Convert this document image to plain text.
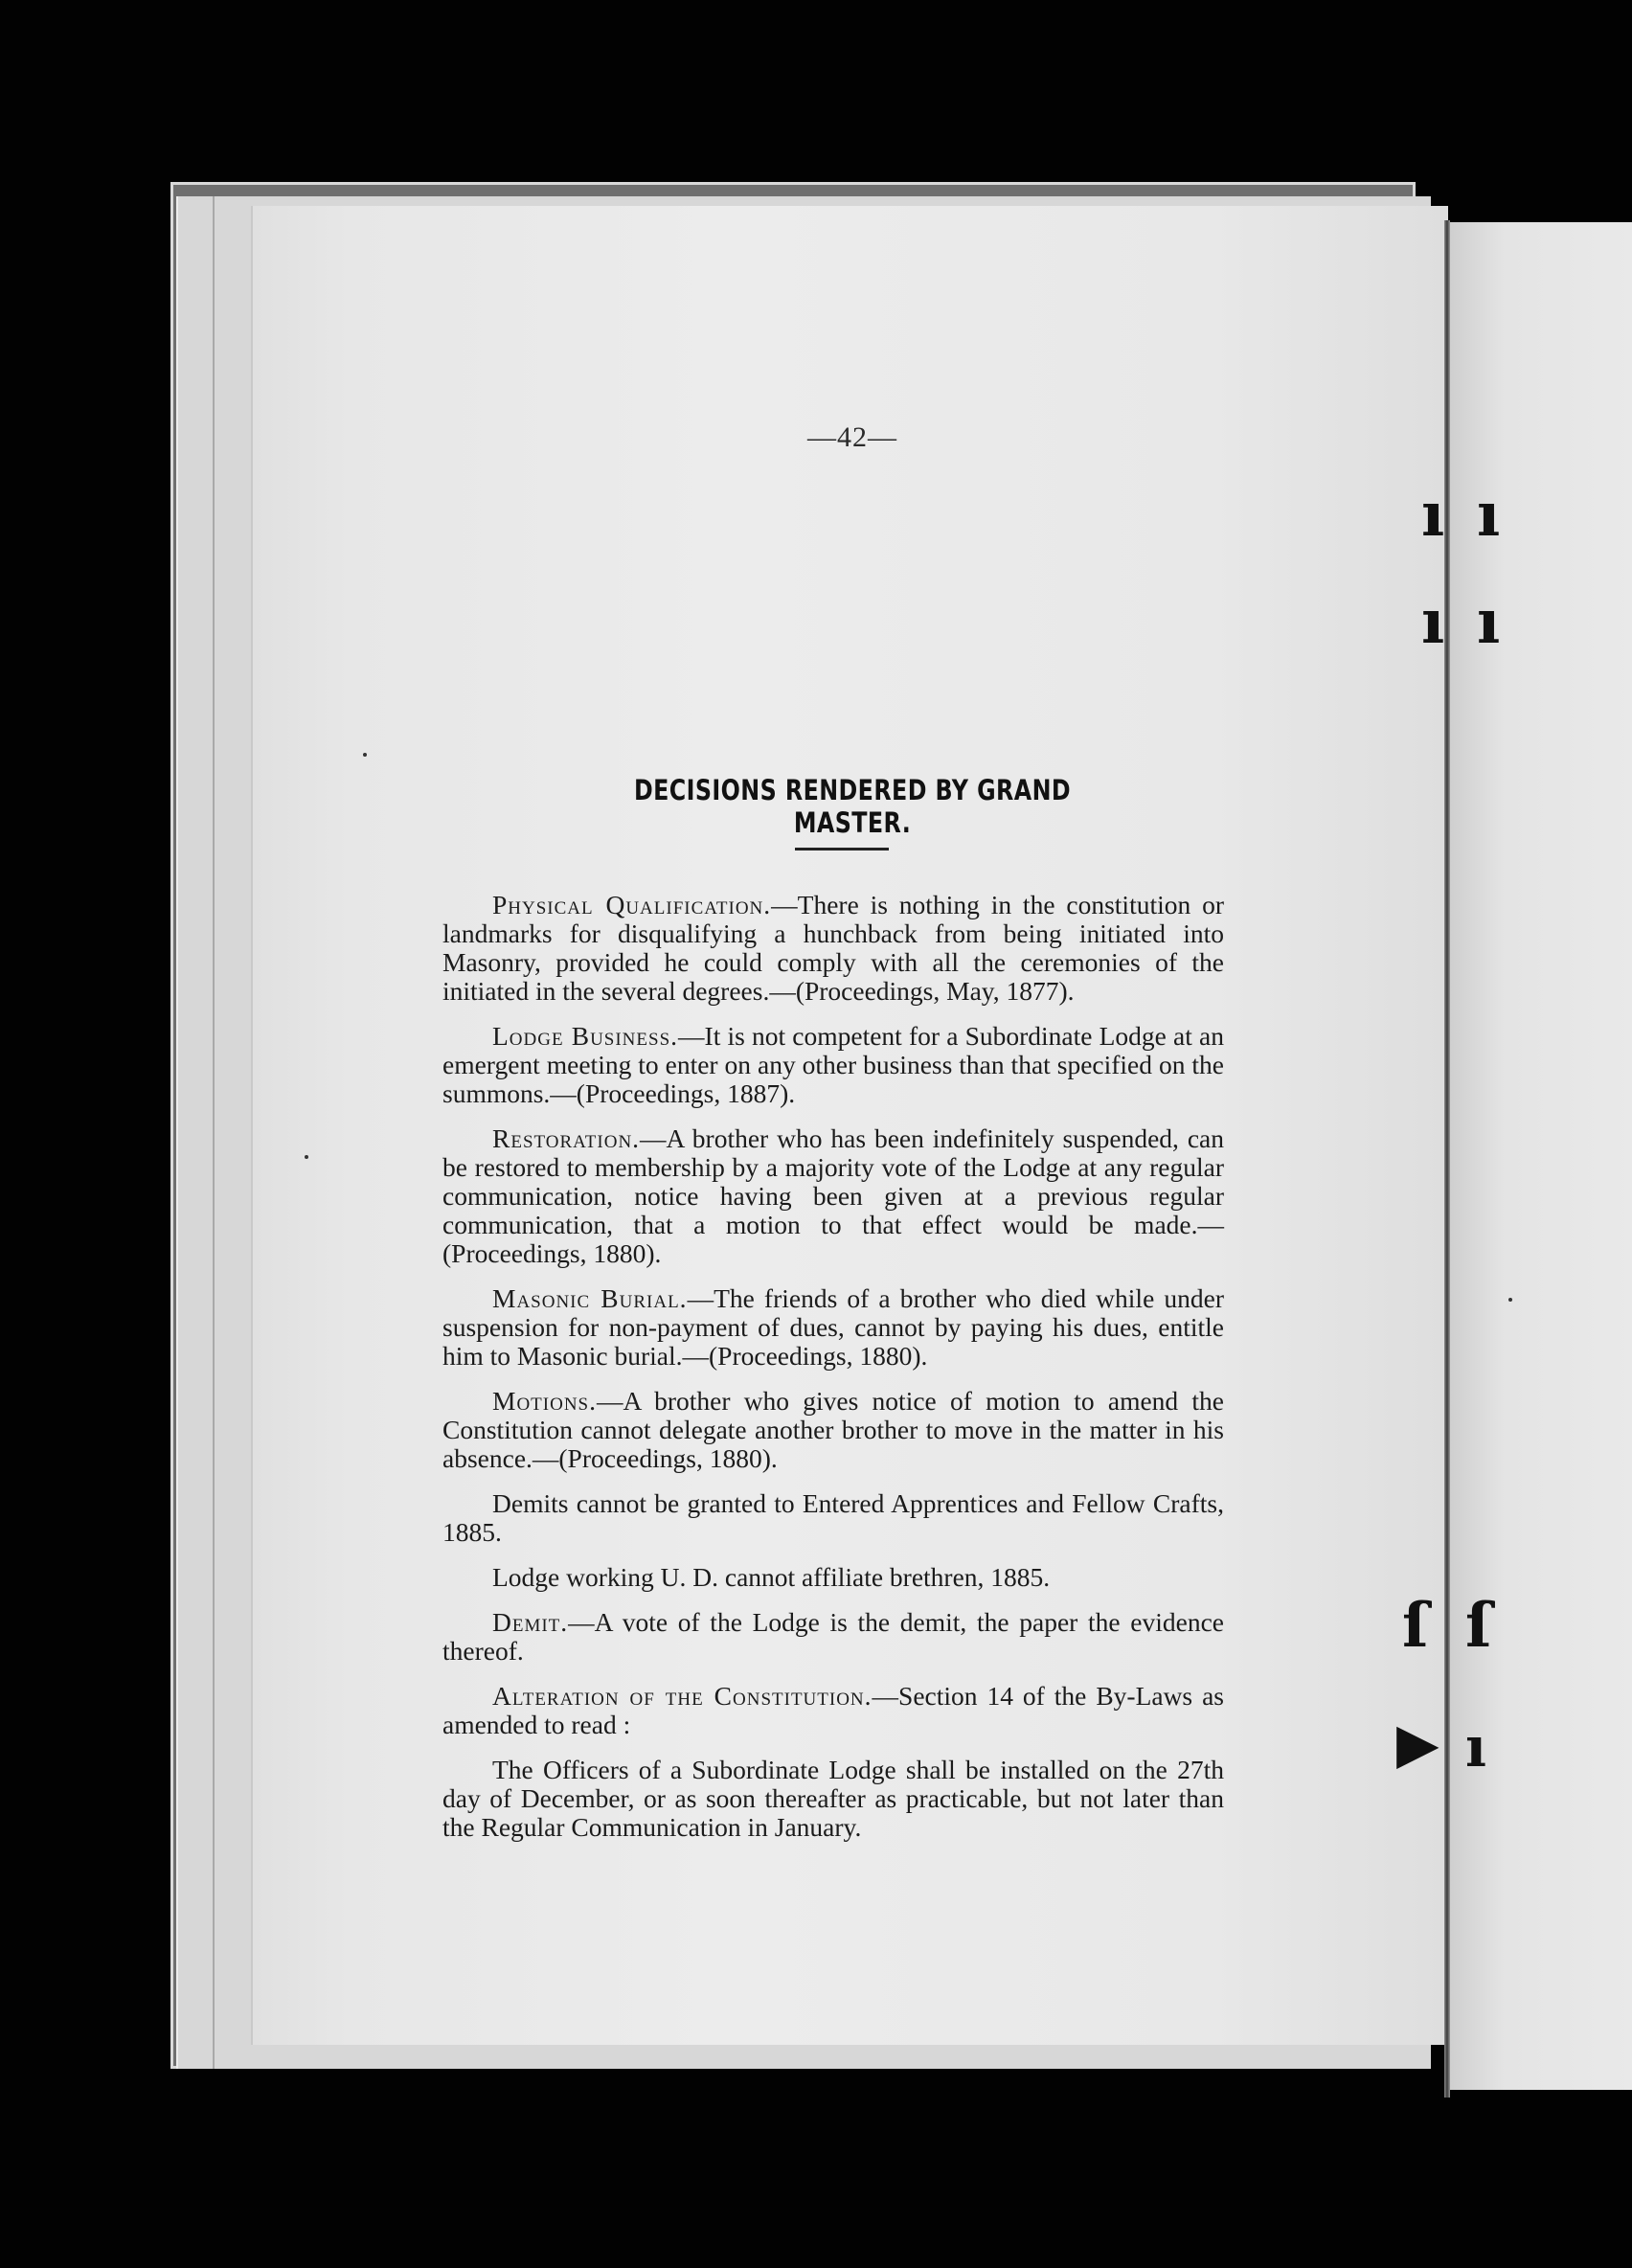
ı ı
ı ı
ſ ſ
▶ ı
—42—
DECISIONS RENDERED BY GRAND MASTER.

Physical Qualification.—There is nothing in the constitution or landmarks for disqualifying a hunchback from being initiated into Masonry, provided he could comply with all the ceremonies of the initiated in the several degrees.—(Proceedings, May, 1877).

Lodge Business.—It is not competent for a Subordinate Lodge at an emergent meeting to enter on any other business than that specified on the summons.—(Proceedings, 1887).

Restoration.—A brother who has been indefinitely suspended, can be restored to membership by a majority vote of the Lodge at any regular communication, notice having been given at a previous regular communication, that a motion to that effect would be made.—(Proceedings, 1880).

Masonic Burial.—The friends of a brother who died while under suspension for non-payment of dues, cannot by paying his dues, entitle him to Masonic burial.—(Proceedings, 1880).

Motions.—A brother who gives notice of motion to amend the Constitution cannot delegate another brother to move in the matter in his absence.—(Proceedings, 1880).

Demits cannot be granted to Entered Apprentices and Fellow Crafts, 1885.

Lodge working U. D. cannot affiliate brethren, 1885.

Demit.—A vote of the Lodge is the demit, the paper the evidence thereof.

Alteration of the Constitution.—Section 14 of the By-Laws as amended to read :

The Officers of a Subordinate Lodge shall be installed on the 27th day of December, or as soon thereafter as practicable, but not later than the Regular Communication in January.
